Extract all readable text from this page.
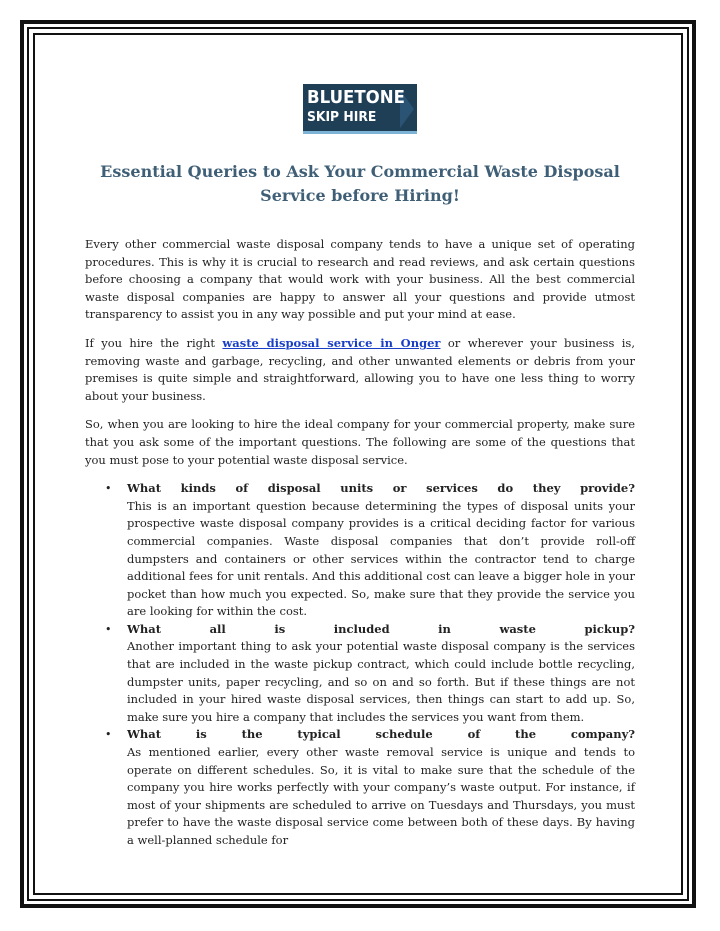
BLUETONE
SKIP HIRE
Essential Queries to Ask Your Commercial Waste Disposal Service before Hiring!

Every other commercial waste disposal company tends to have a unique set of operating procedures. This is why it is crucial to research and read reviews, and ask certain questions before choosing a company that would work with your business. All the best commercial waste disposal companies are happy to answer all your questions and provide utmost transparency to assist you in any way possible and put your mind at ease.

If you hire the right waste disposal service in Onger or wherever your business is, removing waste and garbage, recycling, and other unwanted elements or debris from your premises is quite simple and straightforward, allowing you to have one less thing to worry about your business.

So, when you are looking to hire the ideal company for your commercial property, make sure that you ask some of the important questions. The following are some of the questions that you must pose to your potential waste disposal service.

• What kinds of disposal units or services do they provide?
This is an important question because determining the types of disposal units your prospective waste disposal company provides is a critical deciding factor for various commercial companies. Waste disposal companies that don’t provide roll-off dumpsters and containers or other services within the contractor tend to charge additional fees for unit rentals. And this additional cost can leave a bigger hole in your pocket than how much you expected. So, make sure that they provide the service you are looking for within the cost.
• What all is included in waste pickup?
Another important thing to ask your potential waste disposal company is the services that are included in the waste pickup contract, which could include bottle recycling, dumpster units, paper recycling, and so on and so forth. But if these things are not included in your hired waste disposal services, then things can start to add up. So, make sure you hire a company that includes the services you want from them.
• What is the typical schedule of the company?
As mentioned earlier, every other waste removal service is unique and tends to operate on different schedules. So, it is vital to make sure that the schedule of the company you hire works perfectly with your company’s waste output. For instance, if most of your shipments are scheduled to arrive on Tuesdays and Thursdays, you must prefer to have the waste disposal service come between both of these days. By having a well-planned schedule for
